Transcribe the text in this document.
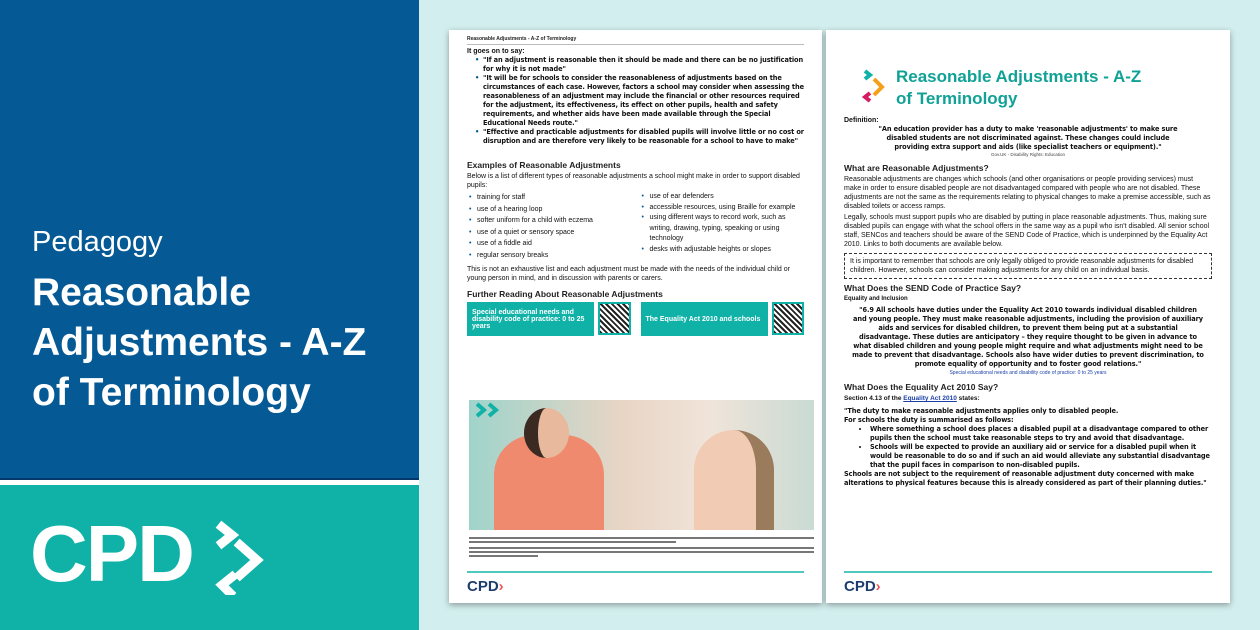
Pedagogy
Reasonable Adjustments - A-Z of Terminology
CPD
Reasonable Adjustments - A-Z of Terminology
It goes on to say:
• "If an adjustment is reasonable then it should be made and there can be no justification for why it is not made"
• "It will be for schools to consider the reasonableness of adjustments based on the circumstances of each case. However, factors a school may consider when assessing the reasonableness of an adjustment may include the financial or other resources required for the adjustment, its effectiveness, its effect on other pupils, health and safety requirements, and whether aids have been made available through the Special Educational Needs route."
• "Effective and practicable adjustments for disabled pupils will involve little or no cost or disruption and are therefore very likely to be reasonable for a school to have to make"
Examples of Reasonable Adjustments
Below is a list of different types of reasonable adjustments a school might make in order to support disabled pupils:
• training for staff
• use of a hearing loop
• softer uniform for a child with eczema
• use of a quiet or sensory space
• use of a fiddle aid
• regular sensory breaks
• use of ear defenders
• accessible resources, using Braille for example
• using different ways to record work, such as writing, drawing, typing, speaking or using technology
• desks with adjustable heights or slopes
This is not an exhaustive list and each adjustment must be made with the needs of the individual child or young person in mind, and in discussion with parents or carers.
Further Reading About Reasonable Adjustments
Special educational needs and disability code of practice: 0 to 25 years
The Equality Act 2010 and schools
CPD›
Reasonable Adjustments - A-Z of Terminology
Definition:
"An education provider has a duty to make 'reasonable adjustments' to make sure disabled students are not discriminated against. These changes could include providing extra support and aids (like specialist teachers or equipment)."
Gov.UK - Disability Rights: Education
What are Reasonable Adjustments?
Reasonable adjustments are changes which schools (and other organisations or people providing services) must make in order to ensure disabled people are not disadvantaged compared with people who are not disabled. These adjustments are not the same as the requirements relating to physical changes to make a premise accessible, such as disabled toilets or access ramps.
Legally, schools must support pupils who are disabled by putting in place reasonable adjustments. Thus, making sure disabled pupils can engage with what the school offers in the same way as a pupil who isn't disabled. All senior school staff, SENCos and teachers should be aware of the SEND Code of Practice, which is underpinned by the Equality Act 2010. Links to both documents are available below.
It is important to remember that schools are only legally obliged to provide reasonable adjustments for disabled children. However, schools can consider making adjustments for any child on an individual basis.
What Does the SEND Code of Practice Say?
Equality and Inclusion
"6.9 All schools have duties under the Equality Act 2010 towards individual disabled children and young people. They must make reasonable adjustments, including the provision of auxiliary aids and services for disabled children, to prevent them being put at a substantial disadvantage. These duties are anticipatory – they require thought to be given in advance to what disabled children and young people might require and what adjustments might need to be made to prevent that disadvantage. Schools also have wider duties to prevent discrimination, to promote equality of opportunity and to foster good relations."
Special educational needs and disability code of practice: 0 to 25 years
What Does the Equality Act 2010 Say?
Section 4.13 of the Equality Act 2010 states:
"The duty to make reasonable adjustments applies only to disabled people.
For schools the duty is summarised as follows:
• Where something a school does places a disabled pupil at a disadvantage compared to other pupils then the school must take reasonable steps to try and avoid that disadvantage.
• Schools will be expected to provide an auxiliary aid or service for a disabled pupil when it would be reasonable to do so and if such an aid would alleviate any substantial disadvantage that the pupil faces in comparison to non-disabled pupils.
Schools are not subject to the requirement of reasonable adjustment duty concerned with make alterations to physical features because this is already considered as part of their planning duties."
CPD›
